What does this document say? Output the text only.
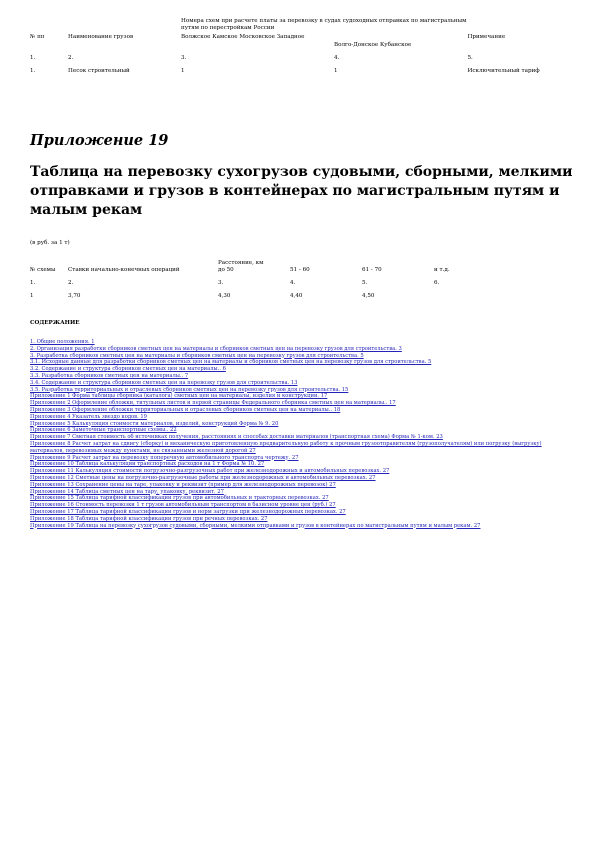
		Номера схем при расчете платы за перевозку в судах судоходных отправках по магистральным путям по перестройкам России		
№ пп	Наименование грузов	Волжское Камское Московское Западное	Волго-Донское Кубанское	Примечание
1.	2.	3.	4.	5.
1.	Песок строительный	1	1	Исключительный тариф
Приложение 19
Таблица на перевозку сухогрузов судовыми, сборными, мелкими отправками и грузов в контейнерах по магистральным путям и малым рекам
(в руб. за 1 т)
№ схемы	Ставки начально-конечных операций	Расстояние, км			
		до 50	51 - 60	61 - 70	и т.д.
1.	2.	3.	4.	5.	6.
1	3,70	4,30	4,40	4,50	
СОДЕРЖАНИЕ
1. Общие положения. 1
2. Организация разработки сборников сметных цен на материалы и сборников сметных цен на перевозку грузов для строительства. 3
3. Разработка сборников сметных цен на материалы и сборников сметных цен на перевозку грузов для строительства. 5
3.1. Исходные данные для разработки сборников сметных цен на материалы и сборников сметных цен на перевозку грузов для строительства. 5
3.2. Содержание и структура сборников сметных цен на материалы.. 6
3.3. Разработка сборников сметных цен на материалы.. 7
3.4. Содержание и структура сборников сметных цен на перевозку грузов для строительства. 13
3.5. Разработка территориальных и отраслевых сборников сметных цен на перевозку грузов для строительства. 15
Приложение 1 Форма таблицы сборника (каталога) сметных цен на материалы, изделия и конструкции. 17
Приложение 2 Оформление обложки, титульных листов и первой страницы Федерального сборника сметных цен на материалы.. 17
Приложение 3 Оформление обложки территориальных и отраслевых сборников сметных цен на материалы.. 18
Приложение 4 Указатель звездо кодов. 19
Приложение 5 Калькуляция стоимости материалов, изделий, конструкций Форма № 9. 20
Приложение 6 Заметочные транспортные схемы.. 22
Приложение 7 Сметная стоимость об источниках получения, расстояниях и способах доставки материалов (транспортная схема) Форма № 1-ком. 23
Приложение 8 Расчет затрат на сдвигу (сборку) и механическую приготовленную предварительную работу к прочным грузоотправителям (грузополучателям) или погрузку (выгрузку) материалов, перевозимых между пунктами, не связанными железной дорогой 27
Приложение 9 Расчет затрат на перевозку поперечную автомобильного транспорта чертежу. 27
Приложение 10 Таблица калькуляции транспортных расходов на 1 т Форма № 10. 27
Приложение 11 Калькуляция стоимости погрузочно-разгрузочных работ при железнодорожных и автомобильных перевозках. 27
Приложение 12 Сметные цены на погрузочно-разгрузочные работы при железнодорожных и автомобильных перевозках. 27
Приложение 13 Сохранение цены на таре, упаковку и реквизит (пример для железнодорожных перевозок) 27
Приложение 14 Таблица сметных цен на тару, упаковку, реквизит. 27
Приложение 15 Таблица тарифной классификации грузов при автомобильных и тракторных перевозках. 27
Приложение 16 Стоимость перевозки 1 т грузов автомобильным транспортом в базисном уровне цен (руб.) 27
Приложение 17 Таблица тарифной классификации грузов и норм загрузки при железнодорожных перевозках. 27
Приложение 18 Таблица тарифной классификации грузов при речных перевозках. 27
Приложение 19 Таблица на перевозку сухогрузов судовыми, сборными, мелкими отправками и грузов в контейнерах по магистральным путям и малым рекам. 27
